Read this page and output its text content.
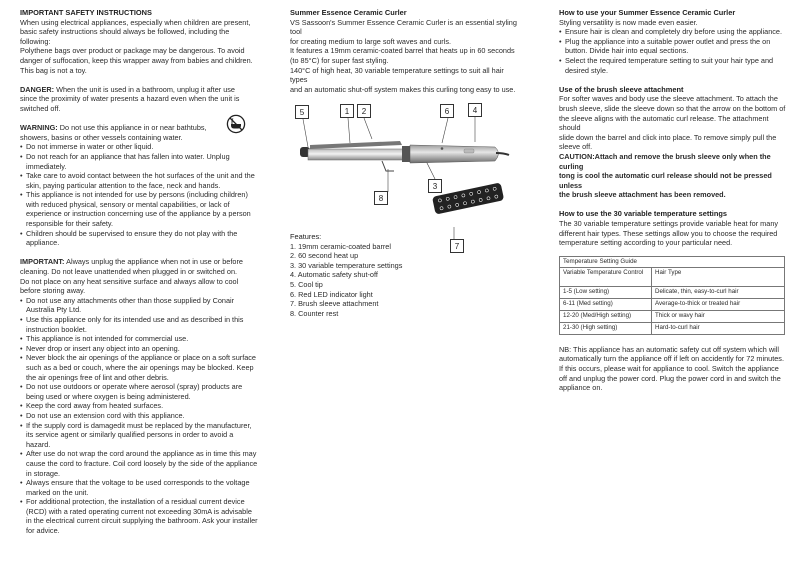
IMPORTANT SAFETY INSTRUCTIONS

When using electrical appliances, especially when children are present,

basic safety instructions should always be followed, including the

following:

Polythene bags over product or package may be dangerous. To avoid

danger of suffocation, keep this wrapper away from babies and children.

This bag is not a toy.

DANGER: When the unit is used in a bathroom, unplug it after use

since the proximity of water presents a hazard even when the unit is

switched off.

WARNING: Do not use this appliance in or near bathtubs,

showers, basins or other vessels containing water.

• Do not immerse in water or other liquid.
• Do not reach for an appliance that has fallen into water. Unplug immediately.
• Take care to avoid contact between the hot surfaces of the unit and the skin, paying particular attention to the face, neck and hands.
• This appliance is not intended for use by persons (including children) with reduced physical, sensory or mental capabilities, or lack of experience or instruction concerning use of the appliance by a person responsible for their safety.
• Children should be supervised to ensure they do not play with the appliance.

IMPORTANT: Always unplug the appliance when not in use or before

cleaning. Do not leave unattended when plugged in or switched on.

Do not place on any heat sensitive surface and always allow to cool

before storing away.

• Do not use any attachments other than those supplied by Conair Australia Pty Ltd.
• Use this appliance only for its intended use and as described in this instruction booklet.
• This appliance is not intended for commercial use.
• Never drop or insert any object into an opening.
• Never block the air openings of the appliance or place on a soft surface such as a bed or couch, where the air openings may be blocked. Keep the air openings free of lint and other debris.
• Do not use outdoors or operate where aerosol (spray) products are being used or where oxygen is being administered.
• Keep the cord away from heated surfaces.
• Do not use an extension cord with this appliance.
• If the supply cord is damagedit must be replaced by the manufacturer, its service agent or similarly qualified persons in order to avoid a hazard.
• After use do not wrap the cord around the appliance as in time this may cause the cord to fracture. Coil cord loosely by the side of the appliance in storage.
• Always ensure that the voltage to be used corresponds to the voltage marked on the unit.
• For additional protection, the installation of a residual current device (RCD) with a rated operating current not exceeding 30mA is advisable in the electrical current circuit supplying the bathroom. Ask your installer for advice.
Summer Essence Ceramic Curler

VS Sassoon's Summer Essence Ceramic Curler is an essential styling tool

for creating medium to large soft waves and curls.

It features a 19mm ceramic-coated barrel that heats up in 60 seconds

(to 85°C) for super fast styling.

140°C of high heat, 30 variable temperature settings to suit all hair types

and an automatic shut-off system makes this curling tong easy to use.

5	1	2	6	4
3
8
7
Features:
1. 19mm ceramic-coated barrel
2. 60 second heat up
3. 30 variable temperature settings
4. Automatic safety shut-off
5. Cool tip
6. Red LED indicator light
7. Brush sleeve attachment
8. Counter rest
How to use your Summer Essence Ceramic Curler

Styling versatility is now made even easier.

• Ensure hair is clean and completely dry before using the appliance.
• Plug the appliance into a suitable power outlet and press the on button. Divide hair into equal sections.
• Select the required temperature setting to suit your hair type and desired style.
Use of the brush sleeve attachment

For softer waves and body use the sleeve attachment. To attach the

brush sleeve, slide the sleeve down so that the arrow on the bottom of

the sleeve aligns with the automatic curl release. The attachment should

slide down the barrel and click into place. To remove simply pull the

sleeve off.

CAUTION:Attach and remove the brush sleeve only when the curling

tong is cool the automatic curl release should not be pressed unless

the brush sleeve attachment has been removed.

How to use the 30 variable temperature settings

The 30 variable temperature settings provide variable heat for many

different hair types. These settings allow you to choose the required

temperature setting according to your particular need.

Temperature Setting Guide	
Variable Temperature Control	Hair Type
1-5 (Low setting)	Delicate, thin, easy-to-curl hair
6-11 (Med setting)	Average-to-thick or treated hair
12-20 (Med/High setting)	Thick or wavy hair
21-30 (High setting)	Hard-to-curl hair

NB: This appliance has an automatic safety cut off system which will

automatically turn the appliance off if left on accidently for 72 minutes.

If this occurs, please wait for appliance to cool. Switch the appliance

off and unplug the power cord. Plug the power cord in and switch the

appliance on.
